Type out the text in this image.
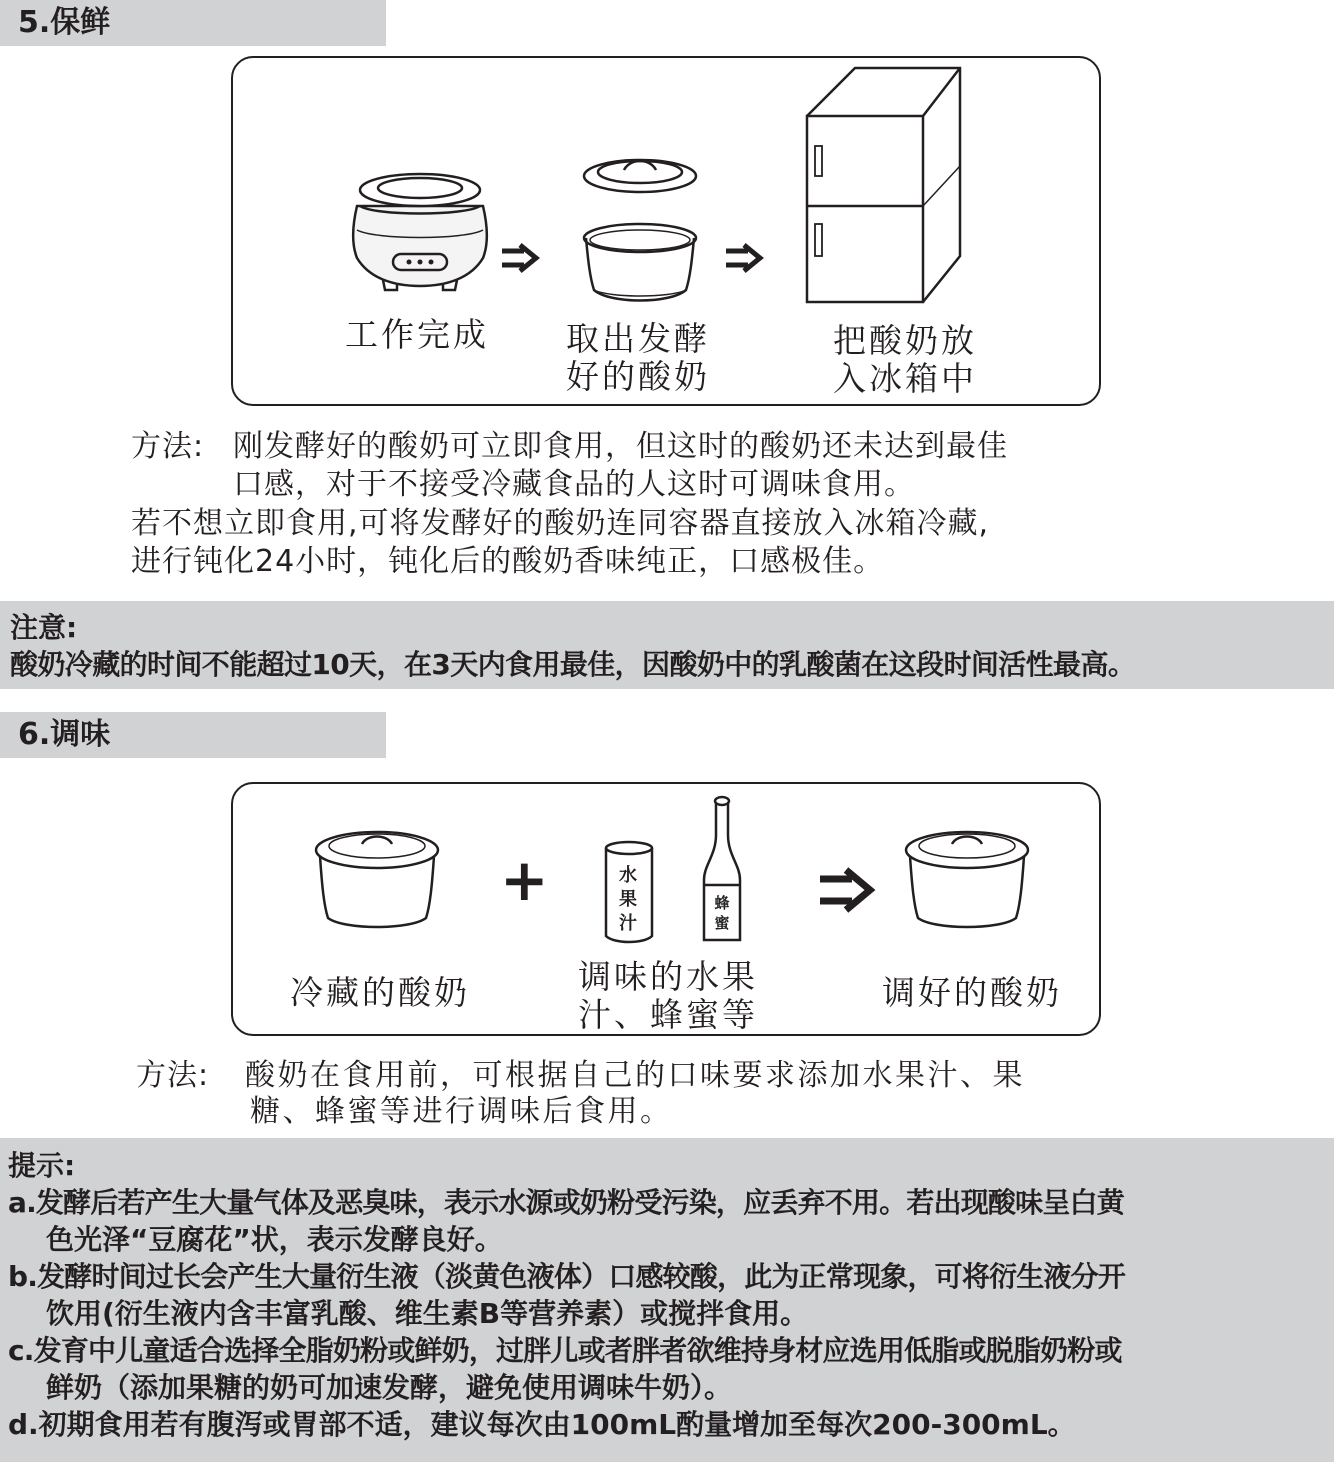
5.保鲜
工作完成	取出发酵
好的酸奶
把酸奶放
入冰箱中
方法: 刚发酵好的酸奶可立即食用，但这时的酸奶还未达到最佳
口感，对于不接受冷藏食品的人这时可调味食用。
若不想立即食用,可将发酵好的酸奶连同容器直接放入冰箱冷藏,
进行钝化24小时，钝化后的酸奶香味纯正，口感极佳。
注意:
酸奶冷藏的时间不能超过10天，在3天内食用最佳，因酸奶中的乳酸菌在这段时间活性最高。
6.调味
+	水
果
汁
蜂
蜜
冷藏的酸奶	调味的水果
汁、蜂蜜等
调好的酸奶
方法: 酸奶在食用前，可根据自己的口味要求添加水果汁、果
糖、蜂蜜等进行调味后食用。
提示:
a.发酵后若产生大量气体及恶臭味，表示水源或奶粉受污染，应丢弃不用。若出现酸味呈白黄
色光泽“豆腐花”状，表示发酵良好。
b.发酵时间过长会产生大量衍生液（淡黄色液体）口感较酸，此为正常现象，可将衍生液分开
饮用(衍生液内含丰富乳酸、维生素B等营养素）或搅拌食用。
c.发育中儿童适合选择全脂奶粉或鲜奶，过胖儿或者胖者欲维持身材应选用低脂或脱脂奶粉或
鲜奶（添加果糖的奶可加速发酵，避免使用调味牛奶）。
d.初期食用若有腹泻或胃部不适，建议每次由100mL酌量增加至每次200-300mL。
